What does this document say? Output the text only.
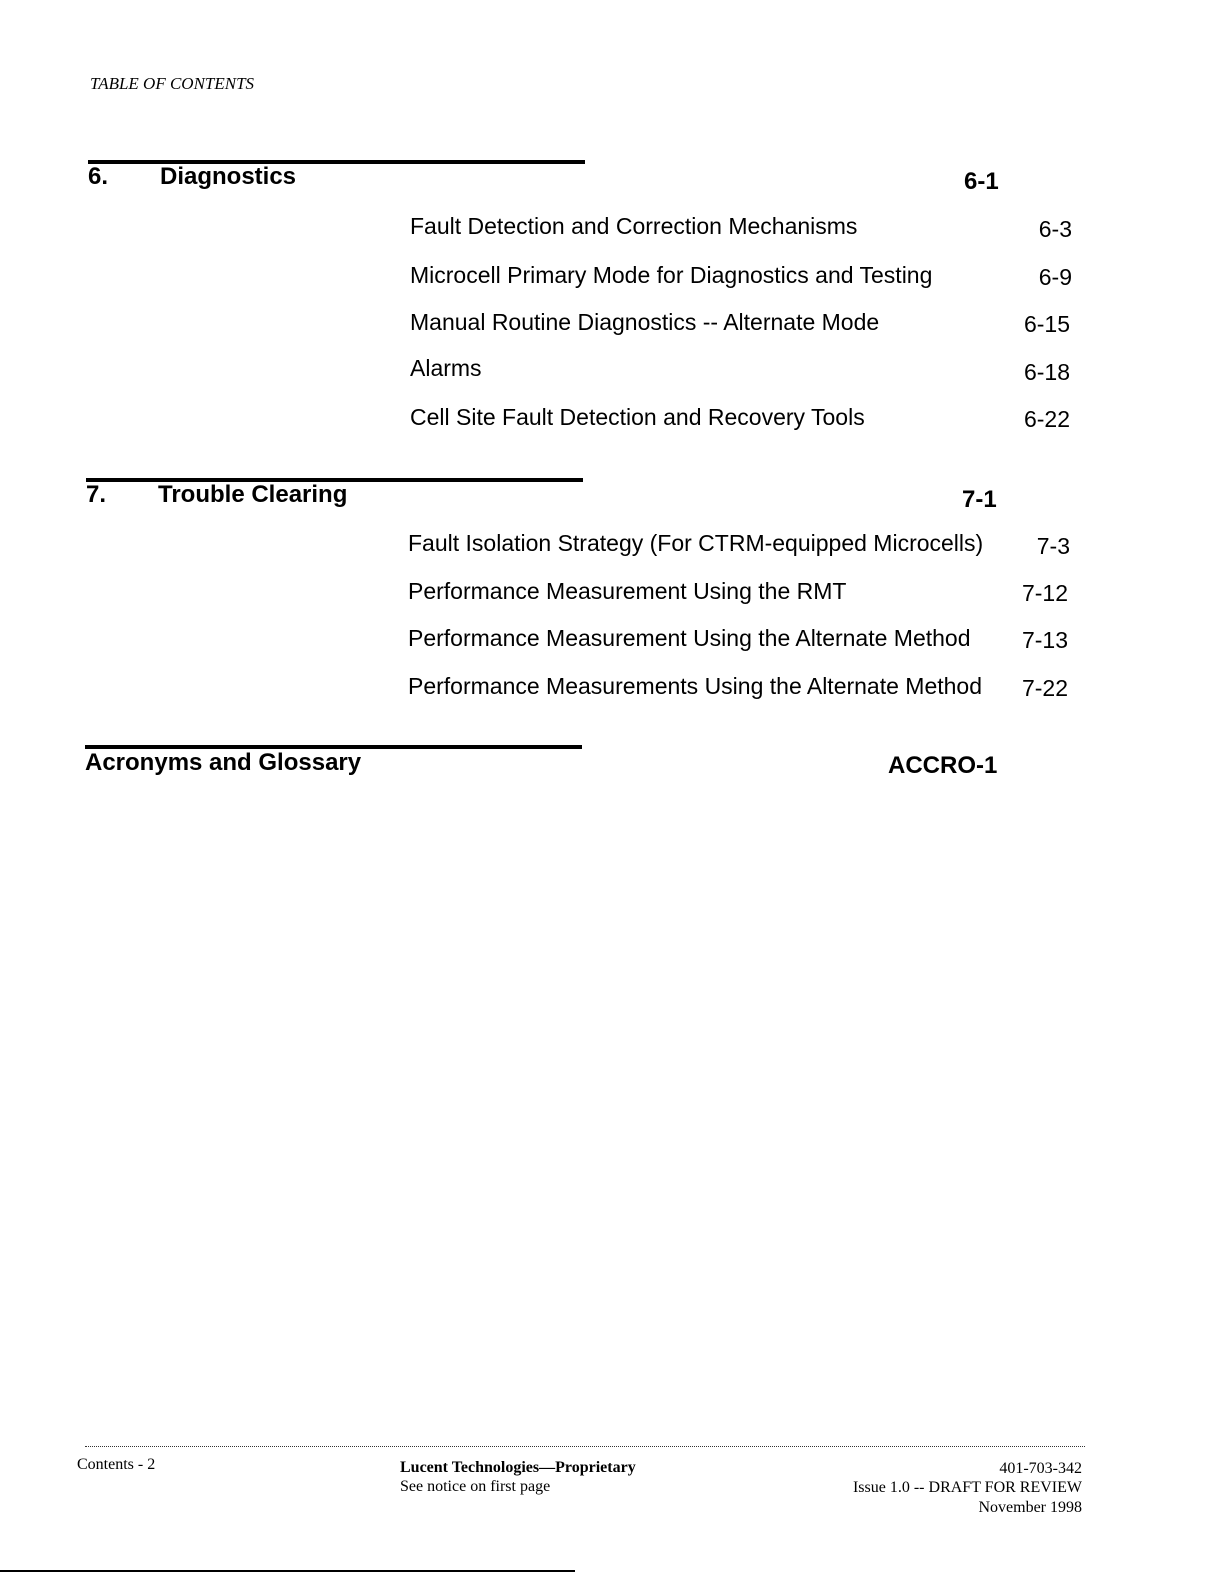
TABLE OF CONTENTS
6. Diagnostics	6-1
Fault Detection and Correction Mechanisms	6-3
Microcell Primary Mode for Diagnostics and Testing	6-9
Manual Routine Diagnostics -- Alternate Mode	6-15
Alarms	6-18
Cell Site Fault Detection and Recovery Tools	6-22
7. Trouble Clearing	7-1
Fault Isolation Strategy (For CTRM-equipped Microcells)	7-3
Performance Measurement Using the RMT	7-12
Performance Measurement Using the Alternate Method	7-13
Performance Measurements Using the Alternate Method	7-22
Acronyms and Glossary	ACCRO-1
Contents - 2	Lucent Technologies—Proprietary
See notice on first page
401-703-342
Issue 1.0 -- DRAFT FOR REVIEW
November 1998
